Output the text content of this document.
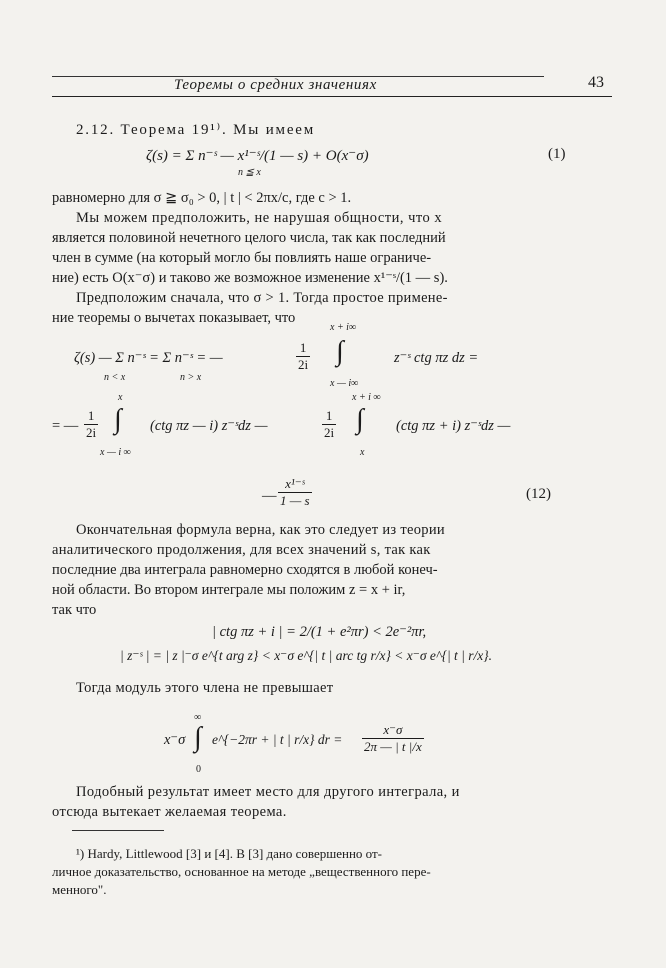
Теоремы о средних значениях	43
2.12. Теорема 19¹⁾. Мы имеем
ζ(s) = Σ n⁻ˢ — x¹⁻ˢ/(1 — s) + O(x⁻σ)
n ≦ x
(1)
равномерно для σ ≧ σ₀ > 0, | t | < 2πx/c, где c > 1.
Мы можем предположить, не нарушая общности, что x
является половиной нечетного целого числа, так как последний
член в сумме (на который могло бы повлиять наше ограниче-
ние) есть O(x⁻σ) и таково же возможное изменение x¹⁻ˢ/(1 — s).
Предположим сначала, что σ > 1. Тогда простое примене-
ние теоремы о вычетах показывает, что
ζ(s) — Σ n⁻ˢ = Σ n⁻ˢ = —
n < x	n > x
$\frac{1}{2i}$
x + i∞
∫
x — i∞
z⁻ˢ ctg πz dz =
= — $\frac{1}{2i}$
x
∫
x — i ∞
(ctg πz — i) z⁻ˢdz —	$\frac{1}{2i}$
x + i ∞
∫
x
(ctg πz + i) z⁻ˢdz —
— $\frac{\text{x¹⁻ˢ}}{1 — s}$	(12)
Окончательная формула верна, как это следует из теории
аналитического продолжения, для всех значений s, так как
последние два интеграла равномерно сходятся в любой конеч-
ной области. Во втором интеграле мы положим z = x + ir,
так что
| ctg πz + i | = 2/(1 + e²πr) < 2e⁻²πr,
| z⁻ˢ | = | z |⁻σ e^{t arg z} < x⁻σ e^{| t | arc tg r/x} < x⁻σ e^{| t | r/x}.
Тогда модуль этого члена не превышает
∞
x⁻σ ∫
0
e^{−2πr + | t | r/x} dr = $\frac{x^-\sigma}{2\pi — | t |/x}$
Подобный результат имеет место для другого интеграла, и
отсюда вытекает желаемая теорема.
¹) Hardy, Littlewood [3] и [4]. В [3] дано совершенно от-
личное доказательство, основанное на методе „вещественного пере-
менного".
